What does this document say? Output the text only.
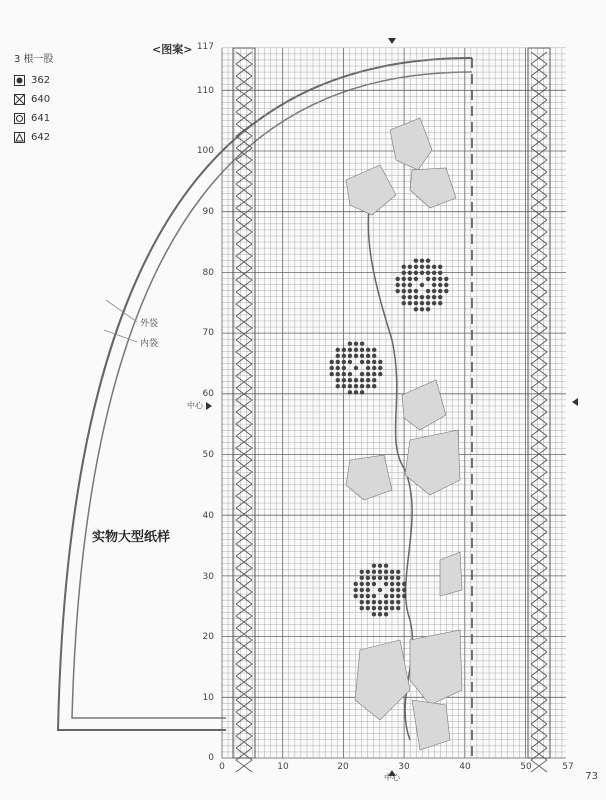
3 根一股
362
640
641
642
<图案> 117
110
100
90
80
70
60
50
40
30
20
10
0
0	10	20	30	40	50	57
中心
中心
外袋
内袋
实物大型纸样
73
